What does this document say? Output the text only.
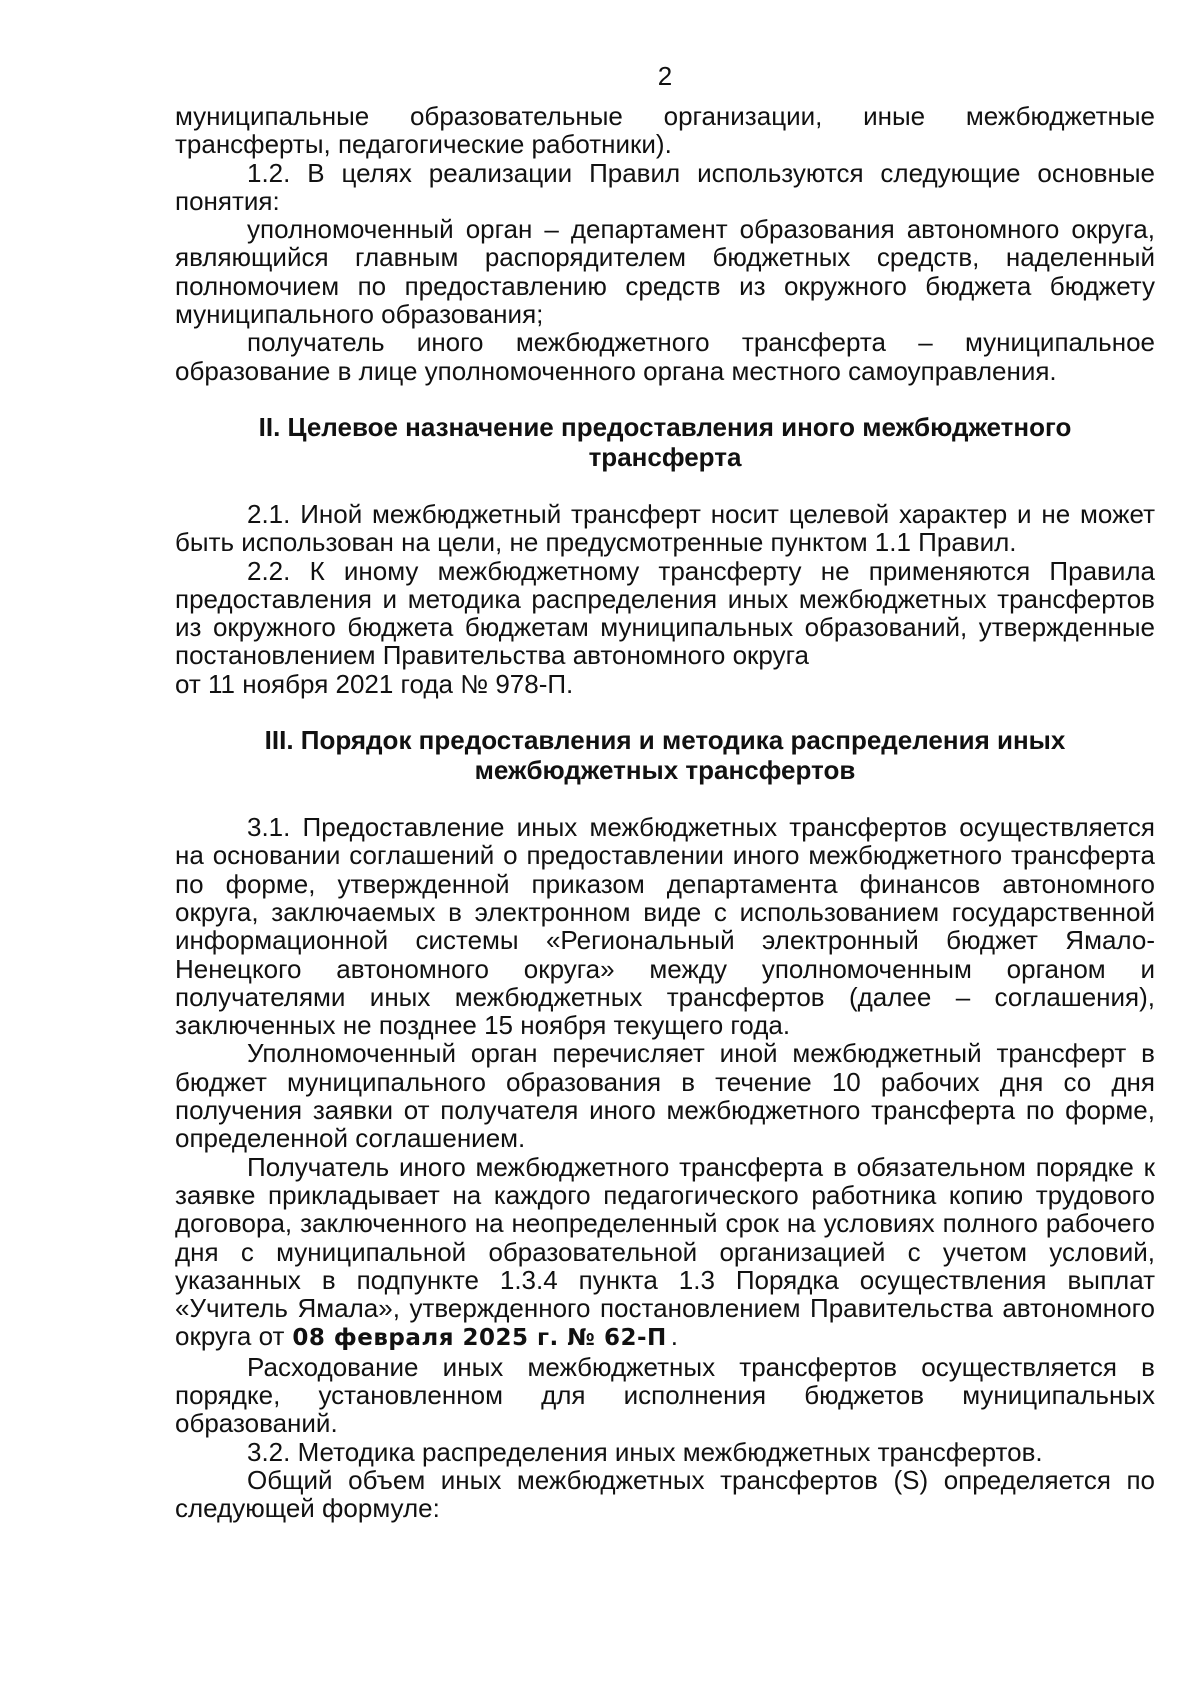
2

муниципальные образовательные организации, иные межбюджетные трансферты, педагогические работники).

1.2. В целях реализации Правил используются следующие основные понятия:

уполномоченный орган – департамент образования автономного округа, являющийся главным распорядителем бюджетных средств, наделенный полномочием по предоставлению средств из окружного бюджета бюджету муниципального образования;

получатель иного межбюджетного трансферта – муниципальное образование в лице уполномоченного органа местного самоуправления.

II. Целевое назначение предоставления иного межбюджетного
трансферта

2.1. Иной межбюджетный трансферт носит целевой характер и не может быть использован на цели, не предусмотренные пунктом 1.1 Правил.

2.2. К иному межбюджетному трансферту не применяются Правила предоставления и методика распределения иных межбюджетных трансфертов из окружного бюджета бюджетам муниципальных образований, утвержденные постановлением Правительства автономного округа

от 11 ноября 2021 года № 978-П.

III. Порядок предоставления и методика распределения иных
межбюджетных трансфертов

3.1. Предоставление иных межбюджетных трансфертов осуществляется на основании соглашений о предоставлении иного межбюджетного трансферта по форме, утвержденной приказом департамента финансов автономного округа, заключаемых в электронном виде с использованием государственной информационной системы «Региональный электронный бюджет Ямало-Ненецкого автономного округа» между уполномоченным органом и получателями иных межбюджетных трансфертов (далее – соглашения), заключенных не позднее 15 ноября текущего года.

Уполномоченный орган перечисляет иной межбюджетный трансферт в бюджет муниципального образования в течение 10 рабочих дня со дня получения заявки от получателя иного межбюджетного трансферта по форме, определенной соглашением.

Получатель иного межбюджетного трансферта в обязательном порядке к заявке прикладывает на каждого педагогического работника копию трудового договора, заключенного на неопределенный срок на условиях полного рабочего дня с муниципальной образовательной организацией с учетом условий, указанных в подпункте 1.3.4 пункта 1.3 Порядка осуществления выплат «Учитель Ямала», утвержденного постановлением Правительства автономного округа от 08 февраля 2025 г. № 62-П .

Расходование иных межбюджетных трансфертов осуществляется в порядке, установленном для исполнения бюджетов муниципальных образований.

3.2. Методика распределения иных межбюджетных трансфертов.

Общий объем иных межбюджетных трансфертов (S) определяется по следующей формуле:
